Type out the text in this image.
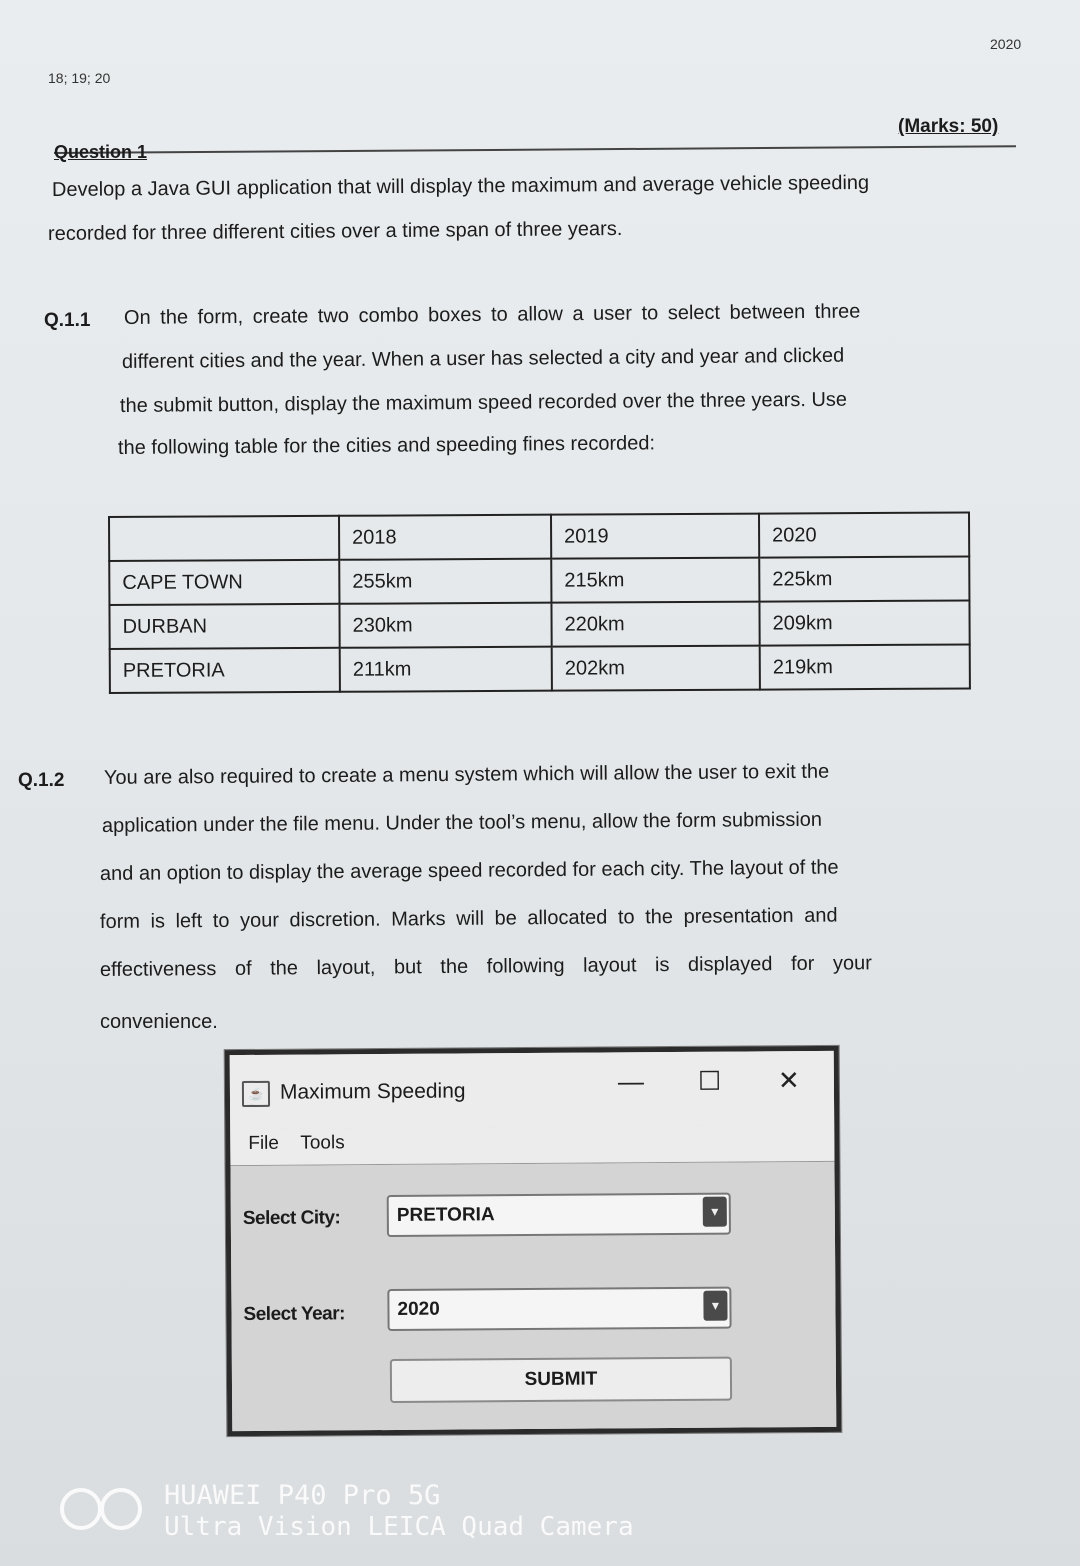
2020
18; 19; 20
(Marks: 50)
Question 1
Develop a Java GUI application that will display the maximum and average vehicle speeding
recorded for three different cities over a time span of three years.
Q.1.1 On the form, create two combo boxes to allow a user to select between three
different cities and the year. When a user has selected a city and year and clicked
the submit button, display the maximum speed recorded over the three years. Use
the following table for the cities and speeding fines recorded:
	2018	2019	2020
CAPE TOWN	255km	215km	225km
DURBAN	230km	220km	209km
PRETORIA	211km	202km	219km
Q.1.2 You are also required to create a menu system which will allow the user to exit the
application under the file menu. Under the tool’s menu, allow the form submission
and an option to display the average speed recorded for each city. The layout of the
form is left to your discretion. Marks will be allocated to the presentation and
effectiveness of the layout, but the following layout is displayed for your
convenience.
☕ Maximum Speeding	— ☐ ✕
File Tools
Select City:	PRETORIA	▼
Select Year:	2020	▼
SUBMIT
HUAWEI P40 Pro 5G
Ultra Vision LEICA Quad Camera
